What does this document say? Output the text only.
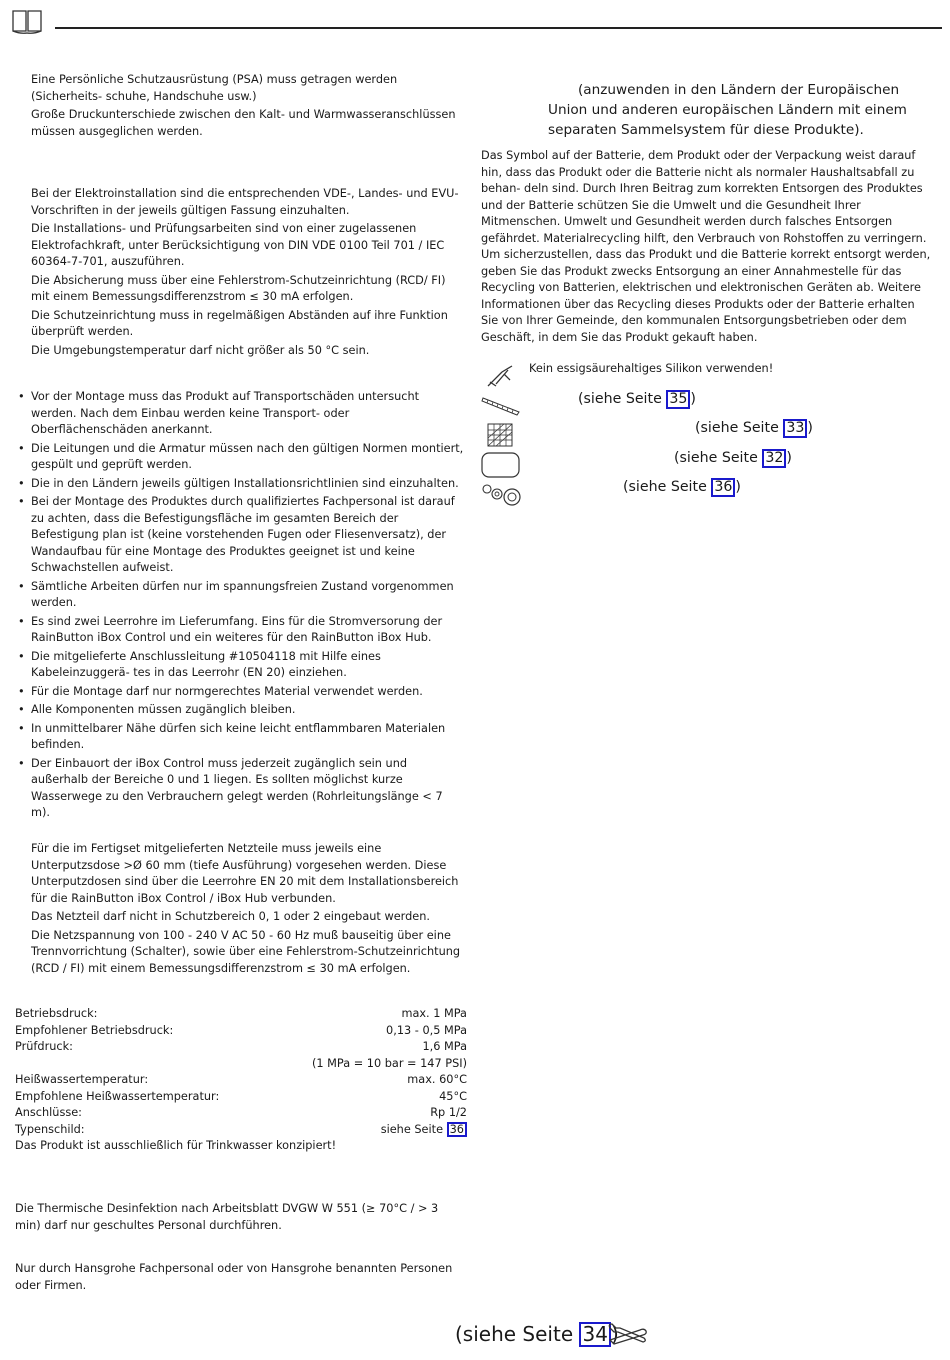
Eine Persönliche Schutzausrüstung (PSA) muss getragen werden (Sicherheits- schuhe, Handschuhe usw.)

Große Druckunterschiede zwischen den Kalt- und Warmwasseranschlüssen müssen ausgeglichen werden.

Bei der Elektroinstallation sind die entsprechenden VDE-, Landes- und EVU-Vorschriften in der jeweils gültigen Fassung einzuhalten.

Die Installations- und Prüfungsarbeiten sind von einer zugelassenen Elektrofachkraft, unter Berücksichtigung von DIN VDE 0100 Teil 701 / IEC 60364-7-701, auszuführen.

Die Absicherung muss über eine Fehlerstrom-Schutzeinrichtung (RCD/ FI) mit einem Bemessungsdifferenzstrom ≤ 30 mA erfolgen.

Die Schutzeinrichtung muss in regelmäßigen Abständen auf ihre Funktion überprüft werden.

Die Umgebungstemperatur darf nicht größer als 50 °C sein.

• Vor der Montage muss das Produkt auf Transportschäden untersucht werden. Nach dem Einbau werden keine Transport- oder Oberflächenschäden anerkannt.
• Die Leitungen und die Armatur müssen nach den gültigen Normen montiert, gespült und geprüft werden.
• Die in den Ländern jeweils gültigen Installationsrichtlinien sind einzuhalten.
• Bei der Montage des Produktes durch qualifiziertes Fachpersonal ist darauf zu achten, dass die Befestigungsfläche im gesamten Bereich der Befestigung plan ist (keine vorstehenden Fugen oder Fliesenversatz), der Wandaufbau für eine Montage des Produktes geeignet ist und keine Schwachstellen aufweist.
• Sämtliche Arbeiten dürfen nur im spannungsfreien Zustand vorgenommen werden.
• Es sind zwei Leerrohre im Lieferumfang. Eins für die Stromversorung der RainButton iBox Control und ein weiteres für den RainButton iBox Hub.
• Die mitgelieferte Anschlussleitung #10504118 mit Hilfe eines Kabeleinzuggerä- tes in das Leerrohr (EN 20) einziehen.
• Für die Montage darf nur normgerechtes Material verwendet werden.
• Alle Komponenten müssen zugänglich bleiben.
• In unmittelbarer Nähe dürfen sich keine leicht entflammbaren Materialen befinden.
• Der Einbauort der iBox Control muss jederzeit zugänglich sein und außerhalb der Bereiche 0 und 1 liegen. Es sollten möglichst kurze Wasserwege zu den Verbrauchern gelegt werden (Rohrleitungslänge < 7 m).

Für die im Fertigset mitgelieferten Netzteile muss jeweils eine Unterputzsdose >Ø 60 mm (tiefe Ausführung) vorgesehen werden. Diese Unterputzdosen sind über die Leerrohre EN 20 mit dem Installationsbereich für die RainButton iBox Control / iBox Hub verbunden.

Das Netzteil darf nicht in Schutzbereich 0, 1 oder 2 eingebaut werden.

Die Netzspannung von 100 - 240 V AC 50 - 60 Hz muß bauseitig über eine Trennvorrichtung (Schalter), sowie über eine Fehlerstrom-Schutzeinrichtung (RCD / FI) mit einem Bemessungsdifferenzstrom ≤ 30 mA erfolgen.

Betriebsdruck:	max. 1 MPa
Empfohlener Betriebsdruck:	0,13 - 0,5 MPa
Prüfdruck:	1,6 MPa
(1 MPa = 10 bar = 147 PSI)
Heißwassertemperatur:	max. 60°C
Empfohlene Heißwassertemperatur:	45°C
Anschlüsse:	Rp 1/2
Typenschild:	siehe Seite 36

Das Produkt ist ausschließlich für Trinkwasser konzipiert!

Die Thermische Desinfektion nach Arbeitsblatt DVGW W 551 (≥ 70°C / > 3 min) darf nur geschultes Personal durchführen.

Nur durch Hansgrohe Fachpersonal oder von Hansgrohe benannten Personen oder Firmen.

(anzuwenden in den Ländern der Europäischen Union und anderen europäischen Ländern mit einem separaten Sammelsystem für diese Produkte).
Das Symbol auf der Batterie, dem Produkt oder der Verpackung weist darauf hin, dass das Produkt oder die Batterie nicht als normaler Haushaltsabfall zu behan- deln sind. Durch Ihren Beitrag zum korrekten Entsorgen des Produktes und der Batterie schützen Sie die Umwelt und die Gesundheit Ihrer Mitmenschen. Umwelt und Gesundheit werden durch falsches Entsorgen gefährdet. Materialrecycling hilft, den Verbrauch von Rohstoffen zu verringern. Um sicherzustellen, dass das Produkt und die Batterie korrekt entsorgt werden, geben Sie das Produkt zwecks Entsorgung an einer Annahmestelle für das Recycling von Batterien, elektrischen und elektronischen Geräten ab. Weitere Informationen über das Recycling dieses Produkts oder der Batterie erhalten Sie von Ihrer Gemeinde, den kommunalen Entsorgungsbetrieben oder dem Geschäft, in dem Sie das Produkt gekauft haben.
Kein essigsäurehaltiges Silikon verwenden!
(siehe Seite 35 )
(siehe Seite 33 )
(siehe Seite 32 )
(siehe Seite 36 )
(siehe Seite 34 )
